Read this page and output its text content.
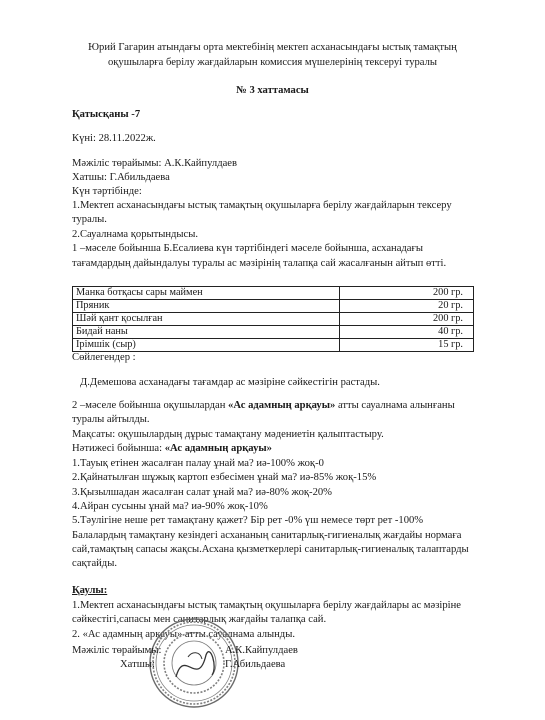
Юрий Гагарин атындағы орта мектебінің мектеп асханасындағы ыстық тамақтың
оқушыларға берілу жағдайларын комиссия мүшелерінің тексеруі туралы
№ 3 хаттамасы
Қатысқаны -7
Күні: 28.11.2022ж.
Мәжіліс төрайымы: А.К.Кайпулдаев
Хатшы: Г.Абильдаева
Күн тәртібінде:
1.Мектеп асханасындағы ыстық тамақтың оқушыларға берілу жағдайларын тексеру
туралы.
2.Сауалнама қорытындысы.
1 –мәселе бойынша Б.Есалиева күн тәртібіндегі мәселе бойынша, асханадағы
тағамдардың дайындалуы туралы ас мәзірінің талапқа сай жасалғанын айтып өтті.
Манка ботқасы сары маймен	200 гр.
Пряник	20 гр.
Шәй қант қосылған	200 гр.
Бидай наны	40 гр.
Ірімшік (сыр)	15 гр.
Сөйлегендер :
Д.Демешова асханадағы тағамдар ас мәзіріне сәйкестігін растады.
2 –мәселе бойынша оқушылардан «Ас адамның арқауы» атты сауалнама алынғаны
туралы айтылды.
Мақсаты: оқушылардың дұрыс тамақтану мәдениетін қалыптастыру.
Нәтижесі бойынша: «Ас адамның арқауы»
1.Тауық етінен жасалған палау ұнай ма? иә-100% жоқ-0
2.Қайнатылған шұжық картоп езбесімен ұнай ма? иә-85% жоқ-15%
3.Қызылшадан жасалған салат ұнай ма? иә-80% жоқ-20%
4.Айран сусыны ұнай ма? иә-90% жоқ-10%
5.Тәулігіне неше рет тамақтану қажет? Бір рет -0% үш немесе төрт рет -100%
Балалардың тамақтану кезіндегі асхананың санитарлық-гигиеналық жағдайы нормаға
сай,тамақтың сапасы жақсы.Асхана қызметкерлері санитарлық-гигиеналық талаптарды
сақтайды.
Қаулы:
1.Мектеп асханасындағы ыстық тамақтың оқушыларға берілу жағдайлары ас мәзіріне
сәйкестігі,сапасы мен санитарлық жағдайы талапқа сай.
2. «Ас адамның арқауы» атты сауалнама алынды.
Мәжіліс төрайымы:	А.К.Кайпулдаев
Хатшы:	Г.Абильдаева
